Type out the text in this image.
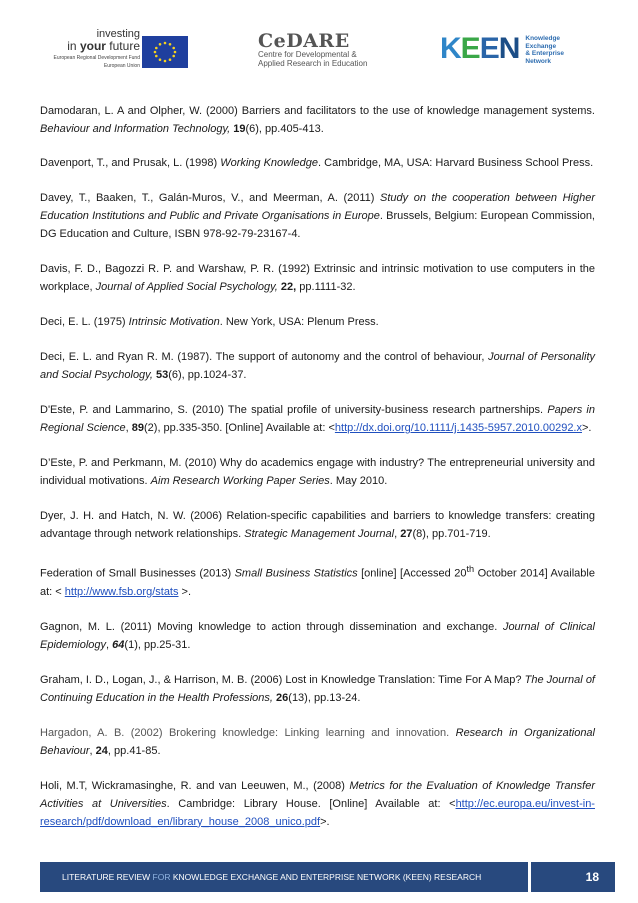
investing
in your future
European Regional Development Fund
European Union
CeDARE
Centre for Developmental &
Applied Research in Education KEEN Knowledge
Exchange
& Enterprise
Network

Damodaran, L. A and Olpher, W. (2000) Barriers and facilitators to the use of knowledge management systems. Behaviour and Information Technology, 19(6), pp.405-413.

Davenport, T., and Prusak, L. (1998) Working Knowledge. Cambridge, MA, USA: Harvard Business School Press.

Davey, T., Baaken, T., Galán-Muros, V., and Meerman, A. (2011) Study on the cooperation between Higher Education Institutions and Public and Private Organisations in Europe. Brussels, Belgium: European Commission, DG Education and Culture, ISBN 978-92-79-23167-4.

Davis, F. D., Bagozzi R. P. and Warshaw, P. R. (1992) Extrinsic and intrinsic motivation to use computers in the workplace, Journal of Applied Social Psychology, 22, pp.1111-32.

Deci, E. L. (1975) Intrinsic Motivation. New York, USA: Plenum Press.

Deci, E. L. and Ryan R. M. (1987). The support of autonomy and the control of behaviour, Journal of Personality and Social Psychology, 53(6), pp.1024-37.

D'Este, P. and Lammarino, S. (2010) The spatial profile of university-business research partnerships. Papers in Regional Science, 89(2), pp.335-350. [Online] Available at: <http://dx.doi.org/10.1111/j.1435-5957.2010.00292.x>.

D’Este, P. and Perkmann, M. (2010) Why do academics engage with industry? The entrepreneurial university and individual motivations. Aim Research Working Paper Series. May 2010.

Dyer, J. H. and Hatch, N. W. (2006) Relation-specific capabilities and barriers to knowledge transfers: creating advantage through network relationships. Strategic Management Journal, 27(8), pp.701-719.

Federation of Small Businesses (2013) Small Business Statistics [online] [Accessed 20th October 2014] Available at: < http://www.fsb.org/stats >.

Gagnon, M. L. (2011) Moving knowledge to action through dissemination and exchange. Journal of Clinical Epidemiology, 64(1), pp.25-31.

Graham, I. D., Logan, J., & Harrison, M. B. (2006) Lost in Knowledge Translation: Time For A Map? The Journal of Continuing Education in the Health Professions, 26(13), pp.13-24.

Hargadon, A. B. (2002) Brokering knowledge: Linking learning and innovation. Research in Organizational Behaviour, 24, pp.41-85.

Holi, M.T, Wickramasinghe, R. and van Leeuwen, M., (2008) Metrics for the Evaluation of Knowledge Transfer Activities at Universities. Cambridge: Library House. [Online] Available at: <http://ec.europa.eu/invest-in-research/pdf/download_en/library_house_2008_unico.pdf>.

LITERATURE REVIEW FOR KNOWLEDGE EXCHANGE AND ENTERPRISE NETWORK (KEEN) RESEARCH	18
